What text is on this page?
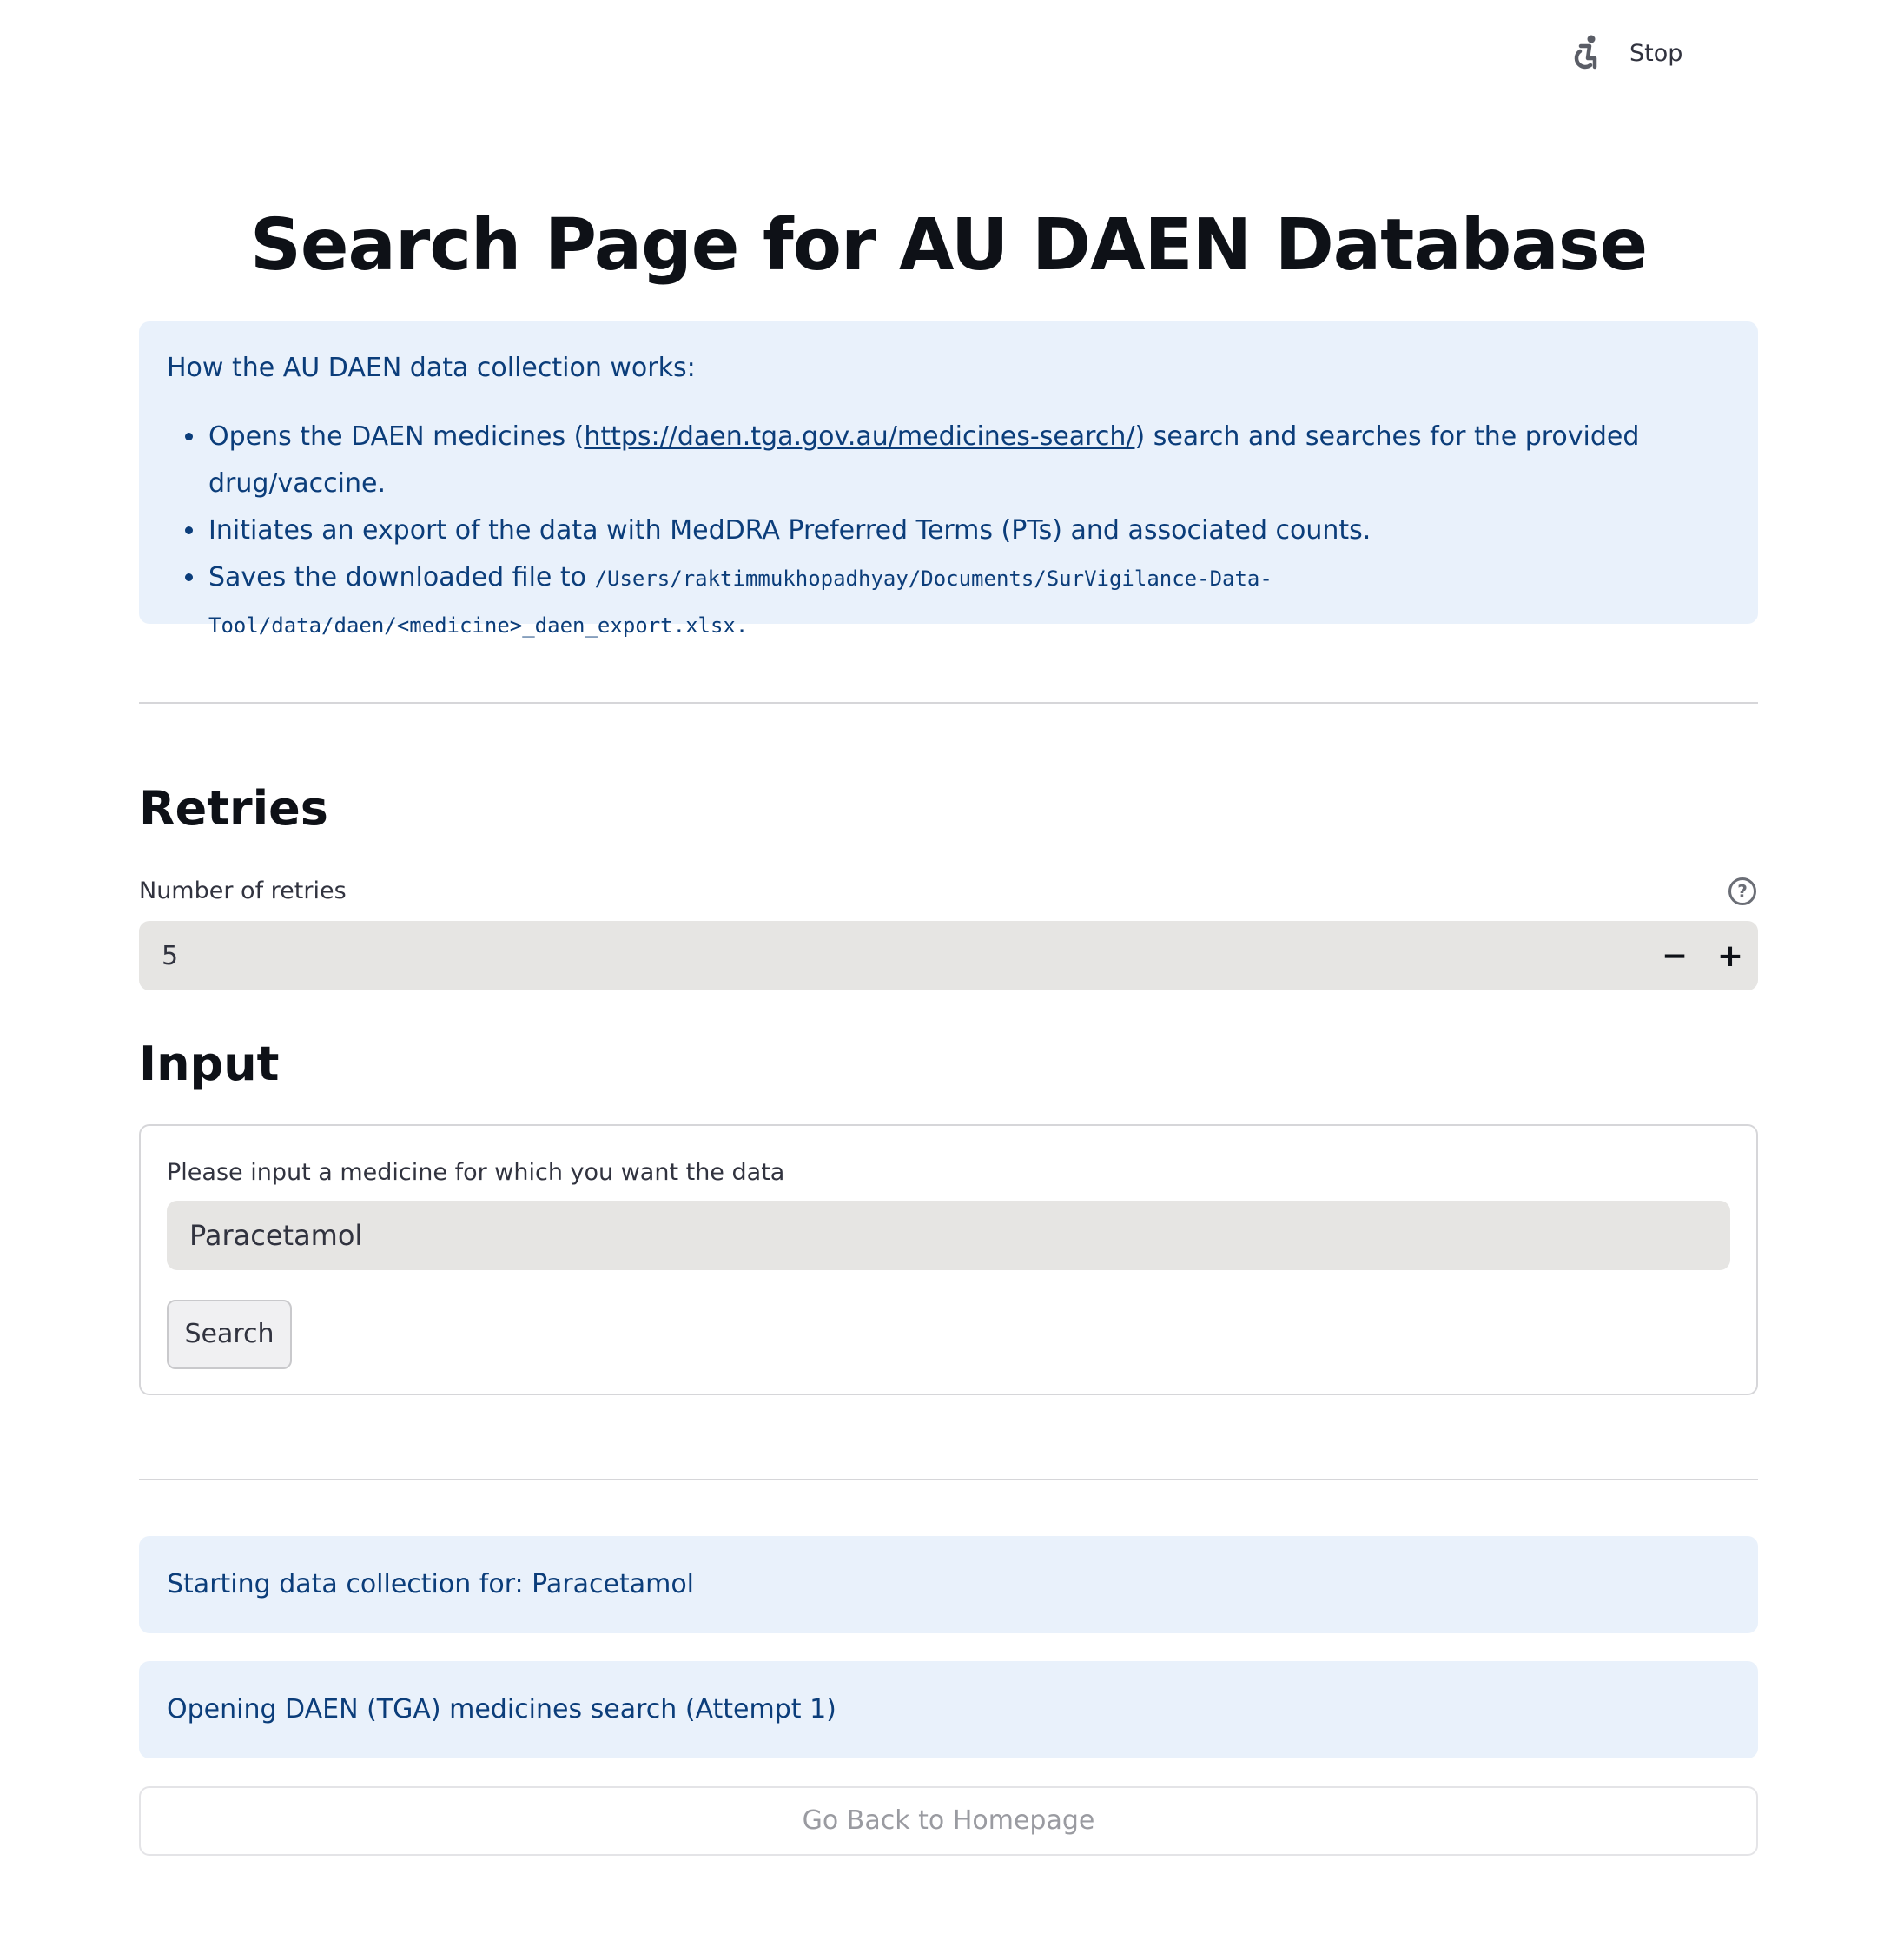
Stop
Search Page for AU DAEN Database
How the AU DAEN data collection works:
• Opens the DAEN medicines (https://daen.tga.gov.au/medicines-search/) search and searches for the provided drug/vaccine.
• Initiates an export of the data with MedDRA Preferred Terms (PTs) and associated counts.
• Saves the downloaded file to /Users/raktimmukhopadhyay/Documents/SurVigilance-Data-
Tool/data/daen/<medicine>_daen_export.xlsx.
Retries
Number of retries	?
5	− +
Input
Please input a medicine for which you want the data
Paracetamol
Search
Starting data collection for: Paracetamol
Opening DAEN (TGA) medicines search (Attempt 1)
Go Back to Homepage
